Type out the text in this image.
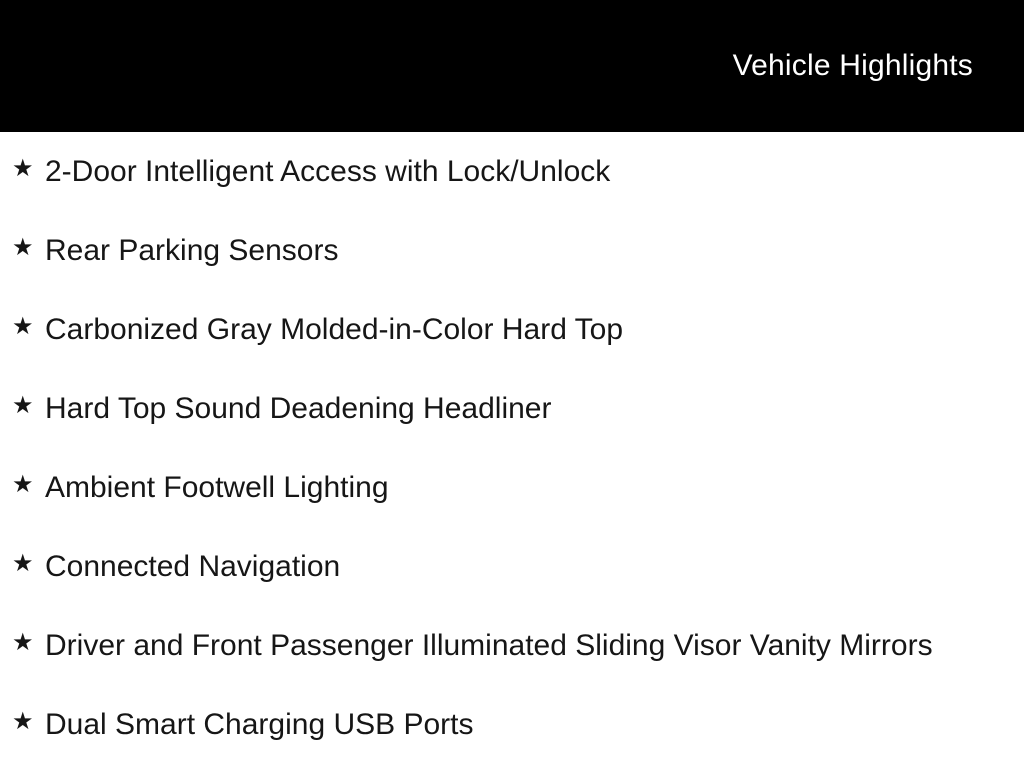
Vehicle Highlights
★ 2-Door Intelligent Access with Lock/Unlock
★ Rear Parking Sensors
★ Carbonized Gray Molded-in-Color Hard Top
★ Hard Top Sound Deadening Headliner
★ Ambient Footwell Lighting
★ Connected Navigation
★ Driver and Front Passenger Illuminated Sliding Visor Vanity Mirrors
★ Dual Smart Charging USB Ports
